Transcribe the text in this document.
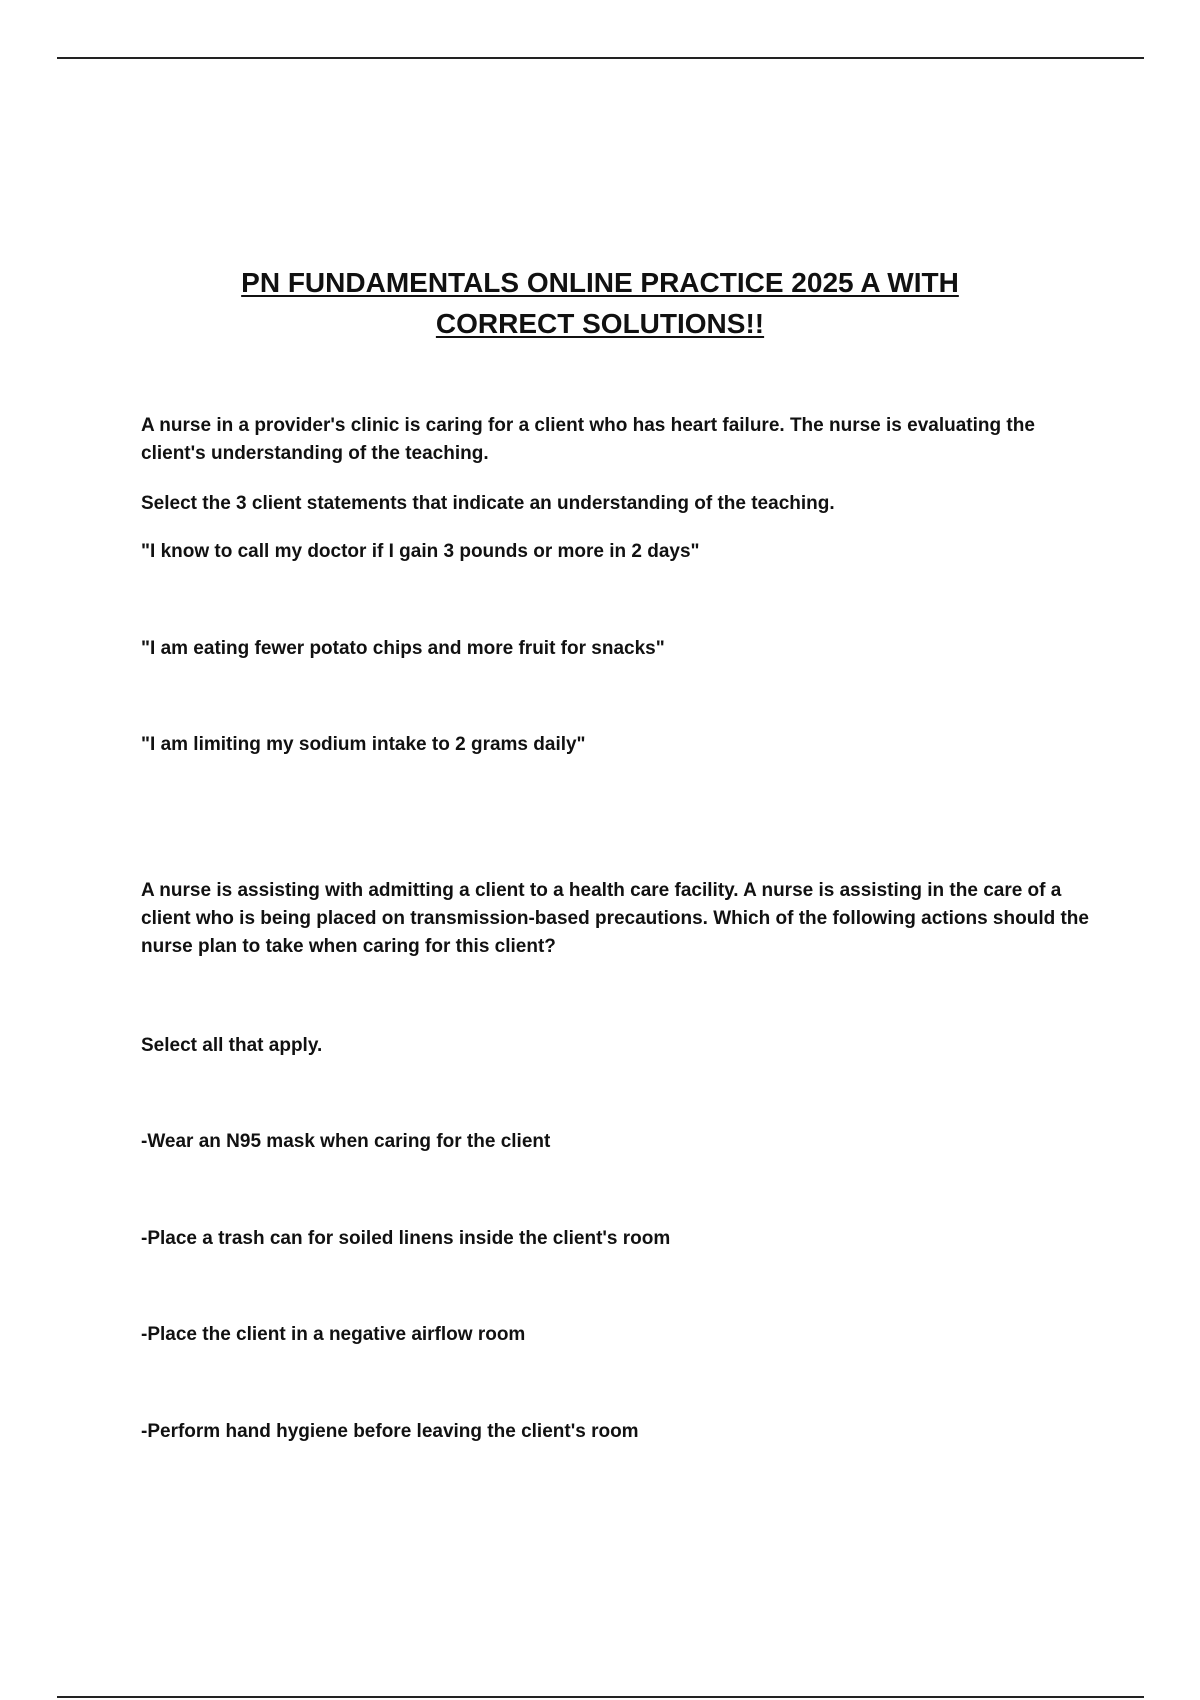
PN FUNDAMENTALS ONLINE PRACTICE 2025 A WITH
CORRECT SOLUTIONS!!

A nurse in a provider's clinic is caring for a client who has heart failure. The nurse is evaluating the client's understanding of the teaching.

Select the 3 client statements that indicate an understanding of the teaching.

"I know to call my doctor if I gain 3 pounds or more in 2 days"

"I am eating fewer potato chips and more fruit for snacks"

"I am limiting my sodium intake to 2 grams daily"

A nurse is assisting with admitting a client to a health care facility. A nurse is assisting in the care of a client who is being placed on transmission-based precautions. Which of the following actions should the nurse plan to take when caring for this client?

Select all that apply.

-Wear an N95 mask when caring for the client

-Place a trash can for soiled linens inside the client's room

-Place the client in a negative airflow room

-Perform hand hygiene before leaving the client's room
